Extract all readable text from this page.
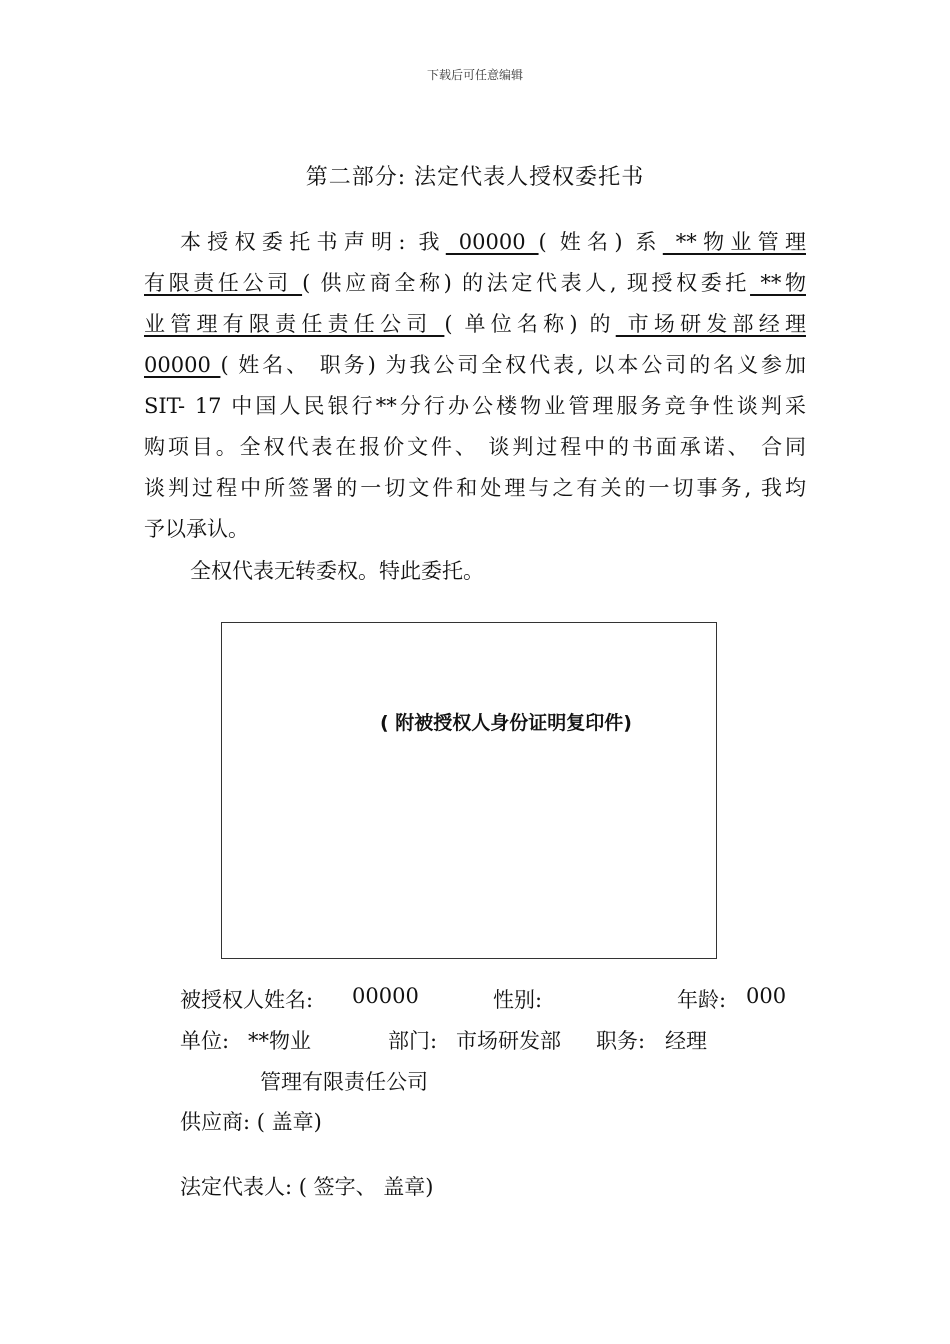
下载后可任意编辑
第二部分: 法定代表人授权委托书
本授权委托书声明: 我 00000 ( 姓名) 系 **物业管理
有限责任公司 ( 供应商全称) 的法定代表人, 现授权委托 **物
业管理有限责任责任公司 ( 单位名称) 的 市场研发部经理
00000 ( 姓名、 职务) 为我公司全权代表, 以本公司的名义参加
SIT- 17 中国人民银行**分行办公楼物业管理服务竞争性谈判采
购项目。全权代表在报价文件、 谈判过程中的书面承诺、 合同
谈判过程中所签署的一切文件和处理与之有关的一切事务, 我均
予以承认。
全权代表无转委权。特此委托。
( 附被授权人身份证明复印件)
被授权人姓名: 00000	性别:	年龄: 000
单位: **物业	部门: 市场研发部 职务: 经理
管理有限责任公司
供应商: ( 盖章)
法定代表人: ( 签字、 盖章)
